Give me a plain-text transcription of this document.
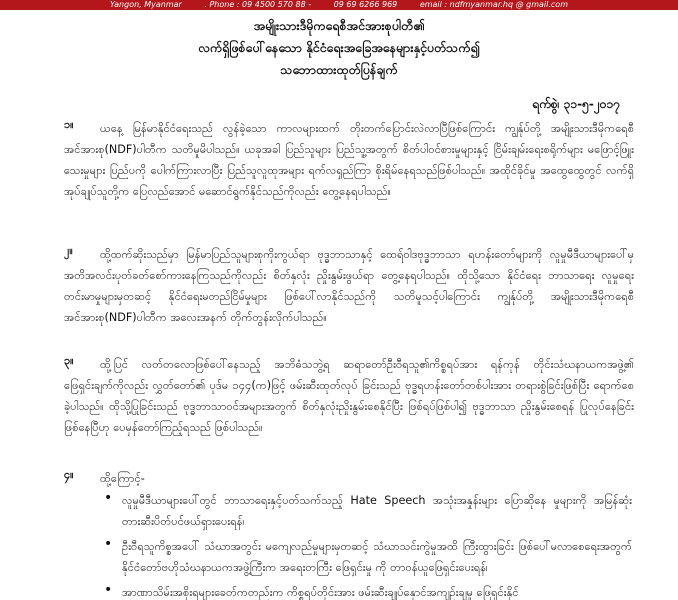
Yangon, Myanmar	. Phone : 09 4500 570 88 -	09 69 6266 969	email : ndfmyanmar.hq @ gmail.com
အမျိုးသားဒီမိုကရေစီအင်အားစုပါတီ၏
လက်ရှိဖြစ်ပေါ်နေသော နိုင်ငံရေးအခြေအနေများနှင့်ပတ်သက်၍
သဘောထားထုတ်ပြန်ချက်
ရက်စွဲ၊ ၃၁-၅-၂၀၁၇
၁။	ယနေ့ မြန်မာနိုင်ငံရေးသည် လွန်ခဲ့သော ကာလများထက် တိုးတက်ပြောင်းလဲလာပြီဖြစ်ကြောင်း ကျွန်ုပ်တို့ အမျိုးသားဒီမိုကရေစီအင်အားစု(NDF)ပါတီက သတိမူမိပါသည်။ ယခုအခါ ပြည်သူများ ပြည်သူ့အတွက် စိတ်ပါဝင်စားမှုများနှင့် ငြိမ်းချမ်းရေးစရိုက်များ မဖြောင့်ဖြူးသေးမှုများ ပြည်ပကို ပေါက်ကြားလာပြီး ပြည်သူလူထုအများ ရက်လရှည်ကြာ စိုးရိမ်နေရသည်ဖြစ်ပါသည်။ အထိုင်ခိုင်မှု အထွေထွေတွင် လက်ရှိအုပ်ချုပ်သူတို့က ပြေလည်အောင် မဆောင်ရွက်နိုင်သည်ကိုလည်း တွေ့နေရပါသည်။
၂။	ထို့ထက်ဆိုးသည်မှာ မြန်မာပြည်သူများစုကိုးကွယ်ရာ ဗုဒ္ဓဘာသာနှင့် ထေရ်ဝါဒဗုဒ္ဓဘာသာ ရဟန်းတော်များကို လူမှုမီဒီယာများပေါ်မှ အတိအလင်းပုတ်ခတ်စော်ကားနေကြသည်ကိုလည်း စိတ်နှလုံး ညှိုးနွမ်းဖွယ်ရာ တွေ့နေရပါသည်။ ထိုသို့သော နိုင်ငံရေး ဘာသာရေး လူမှုရေးတင်းမာမှုများမှတဆင့် နိုင်ငံရေးမတည်ငြိမ်မှုများ ဖြစ်ပေါ်လာနိုင်သည်ကို သတိမူသင့်ပါကြောင်း ကျွန်ုပ်တို့ အမျိုးသားဒီမိုကရေစီ အင်အားစု(NDF)ပါတီက အလေးအနက် တိုက်တွန်းလိုက်ပါသည်။
၃။	ထို့ပြင် လတ်တလောဖြစ်ပေါ်နေသည့် အဘိဓံသဘွဲ့ရ ဆရာတော်ဦးဝီရသူ၏ကိစ္စရပ်အား ရန်ကုန် တိုင်းသံဃနာယကအဖွဲ့၏ ဖြေရှင်းချက်ကိုလည်း လွှတ်တော်၏ ပုဒ်မ ၁၄၄(က)ဖြင့် ဖမ်းဆီးထုတ်လုပ် ခြင်းသည် ဗုဒ္ဓရဟန်းတော်တစ်ပါးအား တရားစွဲခြင်းဖြစ်ပြီး ရောက်စေခဲ့ပါသည်။ ထိုသို့ပြုခြင်းသည် ဗုဒ္ဓဘာသာဝင်အများအတွက် စိတ်နှလုံးညှိုးနွမ်းစေနိုင်ပြီး ဖြစ်ရပ်ဖြစ်ပါ၍ ဗုဒ္ဓဘာသာ ညှိုးနွမ်းစေရန် ပြုလုပ်နေခြင်းဖြစ်နေပြီဟု ပေမှန်တော်ကြည့်ရသည် ဖြစ်ပါသည်။
၄။ ထို့ကြောင့်-
• လူမှုမီဒီယာများပေါ်တွင် ဘာသာရေးနှင့်ပတ်သက်သည့် Hate Speech အသုံးအနှုန်းများ ပြောဆိုနေ မှုများကို အမြန်ဆုံးတားဆီးပိတ်ပင်ဖယ်ရှားပေးရန်၊
• ဦးဝီရသူကိစ္စအပေါ် သံဃာအတွင်း မကျေလည်မှုများမှတဆင့် သံဃာသင်းကွဲမှုအထိ ကြီးထွားခြင်း ဖြစ်ပေါ်မလာစေရေးအတွက် နိုင်ငံတော်ဗဟိုသံဃနာယကအဖွဲ့ကြီးက အရေးတကြီး ဖြေရှင်းမှု ကို တာဝန်ယူဖြေရှင်းပေးရန်၊
• အာဏာသိမ်းအစိုးရများခေတ်ကတည်းက ကိစ္စရပ်တိုင်းအား ဖမ်းဆီးချုပ်နှောင်အကျဉ်းချမှု ဖြေရှင်းနိုင်
